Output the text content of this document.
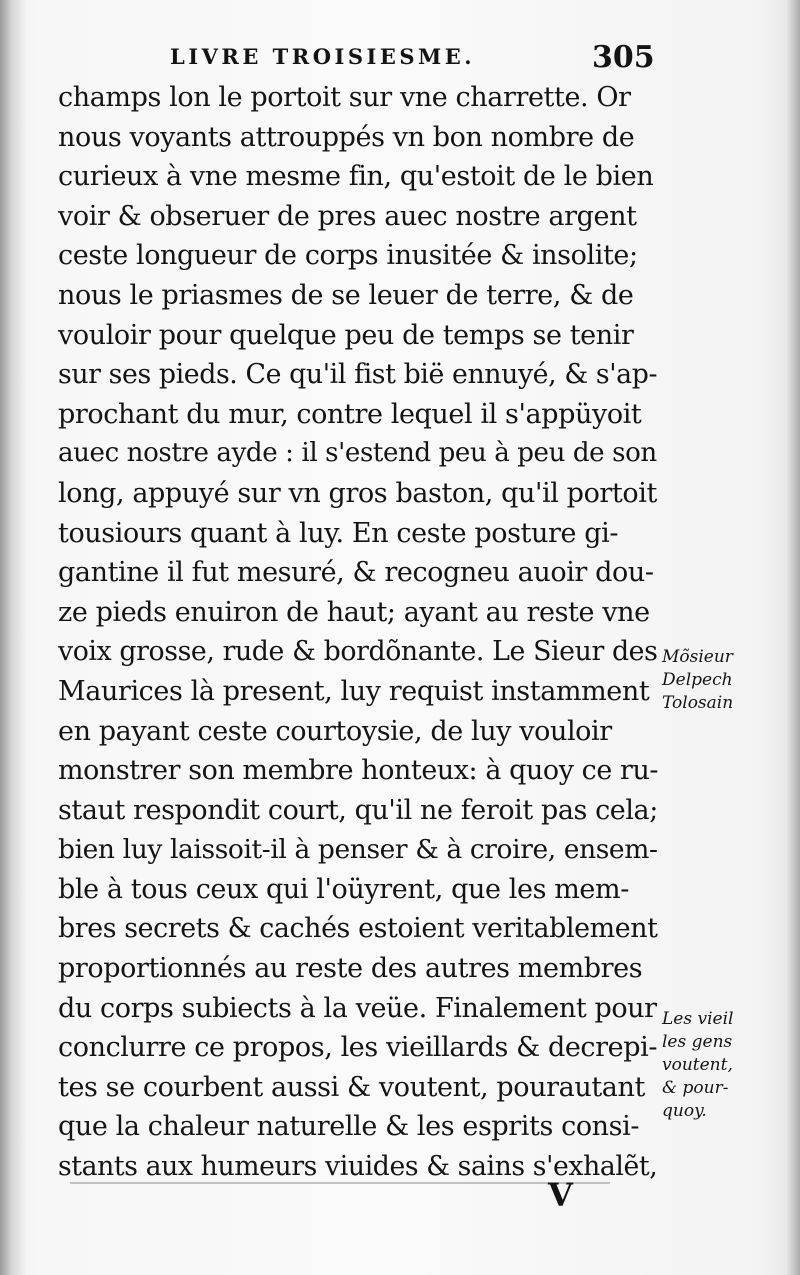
LIVRE TROISIESME.	305
champs lon le portoit sur vne charrette. Or
nous voyants attrouppés vn bon nombre de
curieux à vne mesme fin, qu'estoit de le bien
voir & obseruer de pres auec nostre argent
ceste longueur de corps inusitée & insolite;
nous le priasmes de se leuer de terre, & de
vouloir pour quelque peu de temps se tenir
sur ses pieds. Ce qu'il fist bië ennuyé, & s'ap-
prochant du mur, contre lequel il s'appüyoit
auec nostre ayde : il s'estend peu à peu de son
long, appuyé sur vn gros baston, qu'il portoit
tousiours quant à luy. En ceste posture gi-
gantine il fut mesuré, & recogneu auoir dou-
ze pieds enuiron de haut; ayant au reste vne
voix grosse, rude & bordõnante. Le Sieur des
Maurices là present, luy requist instamment
en payant ceste courtoysie, de luy vouloir
monstrer son membre honteux: à quoy ce ru-
staut respondit court, qu'il ne feroit pas cela;
bien luy laissoit-il à penser & à croire, ensem-
ble à tous ceux qui l'oüyrent, que les mem-
bres secrets & cachés estoient veritablement
proportionnés au reste des autres membres
du corps subiects à la veüe. Finalement pour
conclurre ce propos, les vieillards & decrepi-
tes se courbent aussi & voutent, pourautant
que la chaleur naturelle & les esprits consi-
stants aux humeurs viuides & sains s'exhalẽt,
Mõsieur
Delpech
Tolosain
Les vieil
les gens
voutent,
& pour-
quoy.
V
